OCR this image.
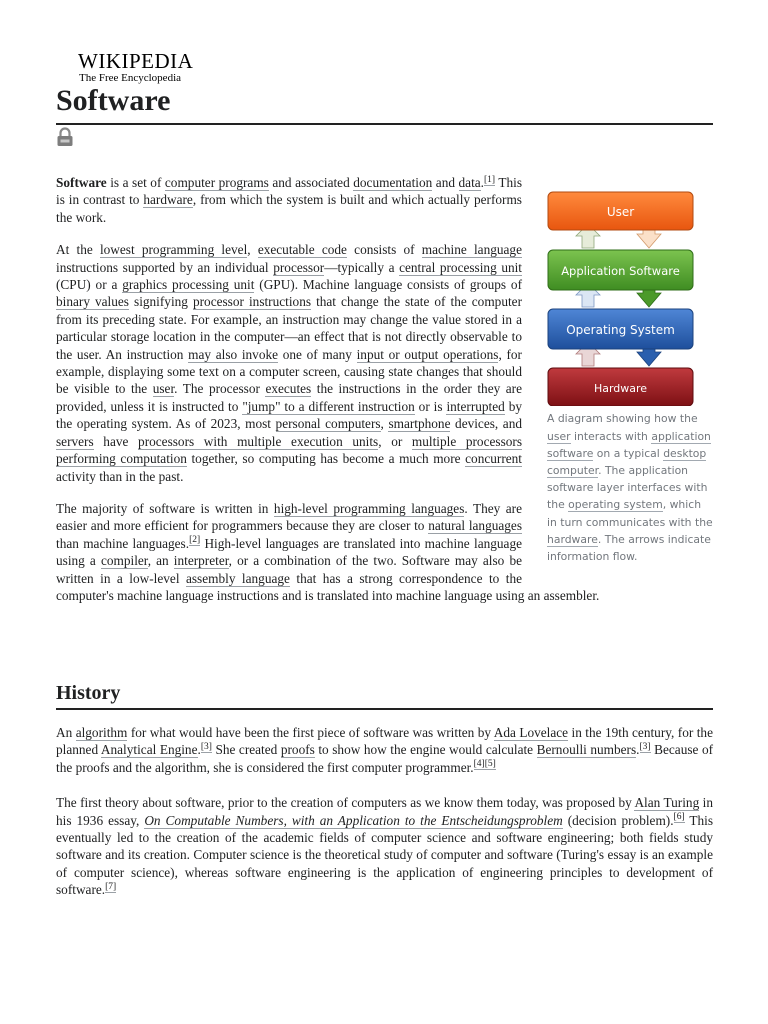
WIKIPEDIA
The Free Encyclopedia
Software
User
Application Software
Operating System
Hardware
A diagram showing how the user interacts with application software on a typical desktop computer. The application software layer interfaces with the operating system, which in turn communicates with the hardware. The arrows indicate information flow.

Software is a set of computer programs and associated documentation and data.[1] This is in contrast to hardware, from which the system is built and which actually performs the work.

At the lowest programming level, executable code consists of machine language instructions supported by an individual processor—typically a central processing unit (CPU) or a graphics processing unit (GPU). Machine language consists of groups of binary values signifying processor instructions that change the state of the computer from its preceding state. For example, an instruction may change the value stored in a particular storage location in the computer—an effect that is not directly observable to the user. An instruction may also invoke one of many input or output operations, for example, displaying some text on a computer screen, causing state changes that should be visible to the user. The processor executes the instructions in the order they are provided, unless it is instructed to "jump" to a different instruction or is interrupted by the operating system. As of 2023, most personal computers, smartphone devices, and servers have processors with multiple execution units, or multiple processors performing computation together, so computing has become a much more concurrent activity than in the past.

The majority of software is written in high-level programming languages. They are easier and more efficient for programmers because they are closer to natural languages than machine languages.[2] High-level languages are translated into machine language using a compiler, an interpreter, or a combination of the two. Software may also be written in a low-level assembly language that has a strong correspondence to the computer's machine language instructions and is translated into machine language using an assembler.

History

An algorithm for what would have been the first piece of software was written by Ada Lovelace in the 19th century, for the planned Analytical Engine.[3] She created proofs to show how the engine would calculate Bernoulli numbers.[3] Because of the proofs and the algorithm, she is considered the first computer programmer.[4][5]

The first theory about software, prior to the creation of computers as we know them today, was proposed by Alan Turing in his 1936 essay, On Computable Numbers, with an Application to the Entscheidungsproblem (decision problem).[6] This eventually led to the creation of the academic fields of computer science and software engineering; both fields study software and its creation. Computer science is the theoretical study of computer and software (Turing's essay is an example of computer science), whereas software engineering is the application of engineering principles to development of software.[7]
